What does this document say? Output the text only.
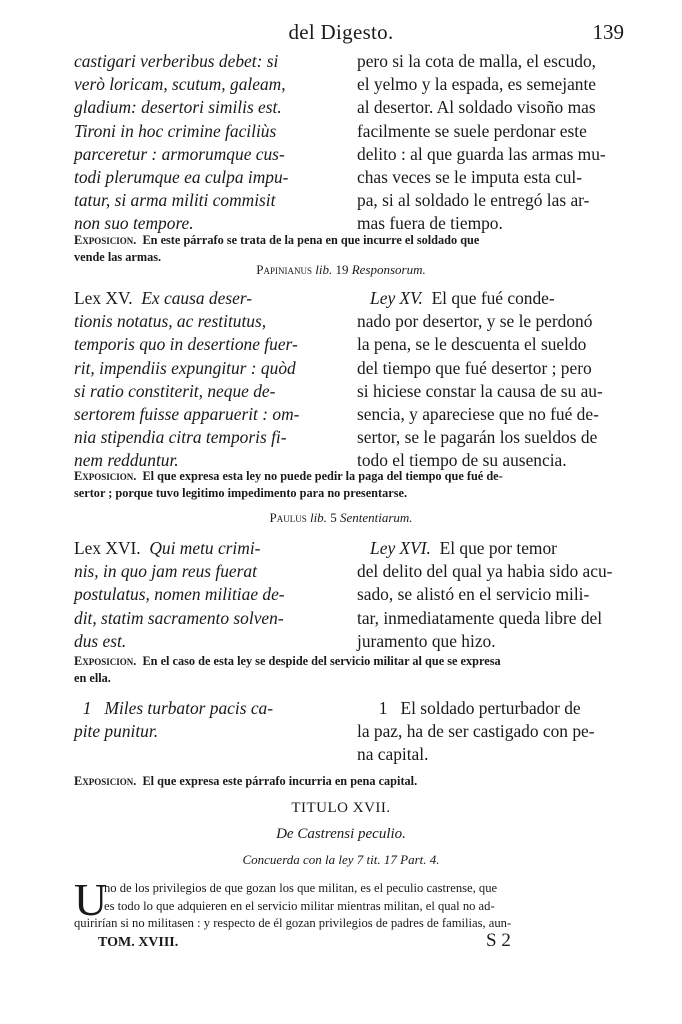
del Digesto.	139
castigari verberibus debet: si
verò loricam, scutum, galeam,
gladium: desertori similis est.
Tironi in hoc crimine faciliùs
parceretur : armorumque cus-
todi plerumque ea culpa impu-
tatur, si arma militi commisit
non suo tempore.
pero si la cota de malla, el escudo,
el yelmo y la espada, es semejante
al desertor. Al soldado visoño mas
facilmente se suele perdonar este
delito : al que guarda las armas mu-
chas veces se le imputa esta cul-
pa, si al soldado le entregó las ar-
mas fuera de tiempo.
Exposicion. En este párrafo se trata de la pena en que incurre el soldado que
vende las armas.
Papinianus lib. 19 Responsorum.
Lex XV. Ex causa deser-
tionis notatus, ac restitutus,
temporis quo in desertione fuer-
rit, impendiis expungitur : quòd
si ratio constiterit, neque de-
sertorem fuisse apparuerit : om-
nia stipendia citra temporis fi-
nem redduntur.
Ley XV. El que fué conde-
nado por desertor, y se le perdonó
la pena, se le descuenta el sueldo
del tiempo que fué desertor ; pero
si hiciese constar la causa de su au-
sencia, y apareciese que no fué de-
sertor, se le pagarán los sueldos de
todo el tiempo de su ausencia.
Exposicion. El que expresa esta ley no puede pedir la paga del tiempo que fué de-
sertor ; porque tuvo legitimo impedimento para no presentarse.
Paulus lib. 5 Sententiarum.
Lex XVI. Qui metu crimi-
nis, in quo jam reus fuerat
postulatus, nomen militiae de-
dit, statim sacramento solven-
dus est.
Ley XVI. El que por temor
del delito del qual ya habia sido acu-
sado, se alistó en el servicio mili-
tar, inmediatamente queda libre del
juramento que hizo.
Exposicion. En el caso de esta ley se despide del servicio militar al que se expresa
en ella.
1 Miles turbator pacis ca-
pite punitur.
1 El soldado perturbador de
la paz, ha de ser castigado con pe-
na capital.
Exposicion. El que expresa este párrafo incurria en pena capital.
TITULO XVII.
De Castrensi peculio.
Concuerda con la ley 7 tit. 17 Part. 4.
U
no de los privilegios de que gozan los que militan, es el peculio castrense, que
es todo lo que adquieren en el servicio militar mientras militan, el qual no ad-
quirirían si no militasen : y respecto de él gozan privilegios de padres de familias, aun-
TOM. XVIII.	S 2
